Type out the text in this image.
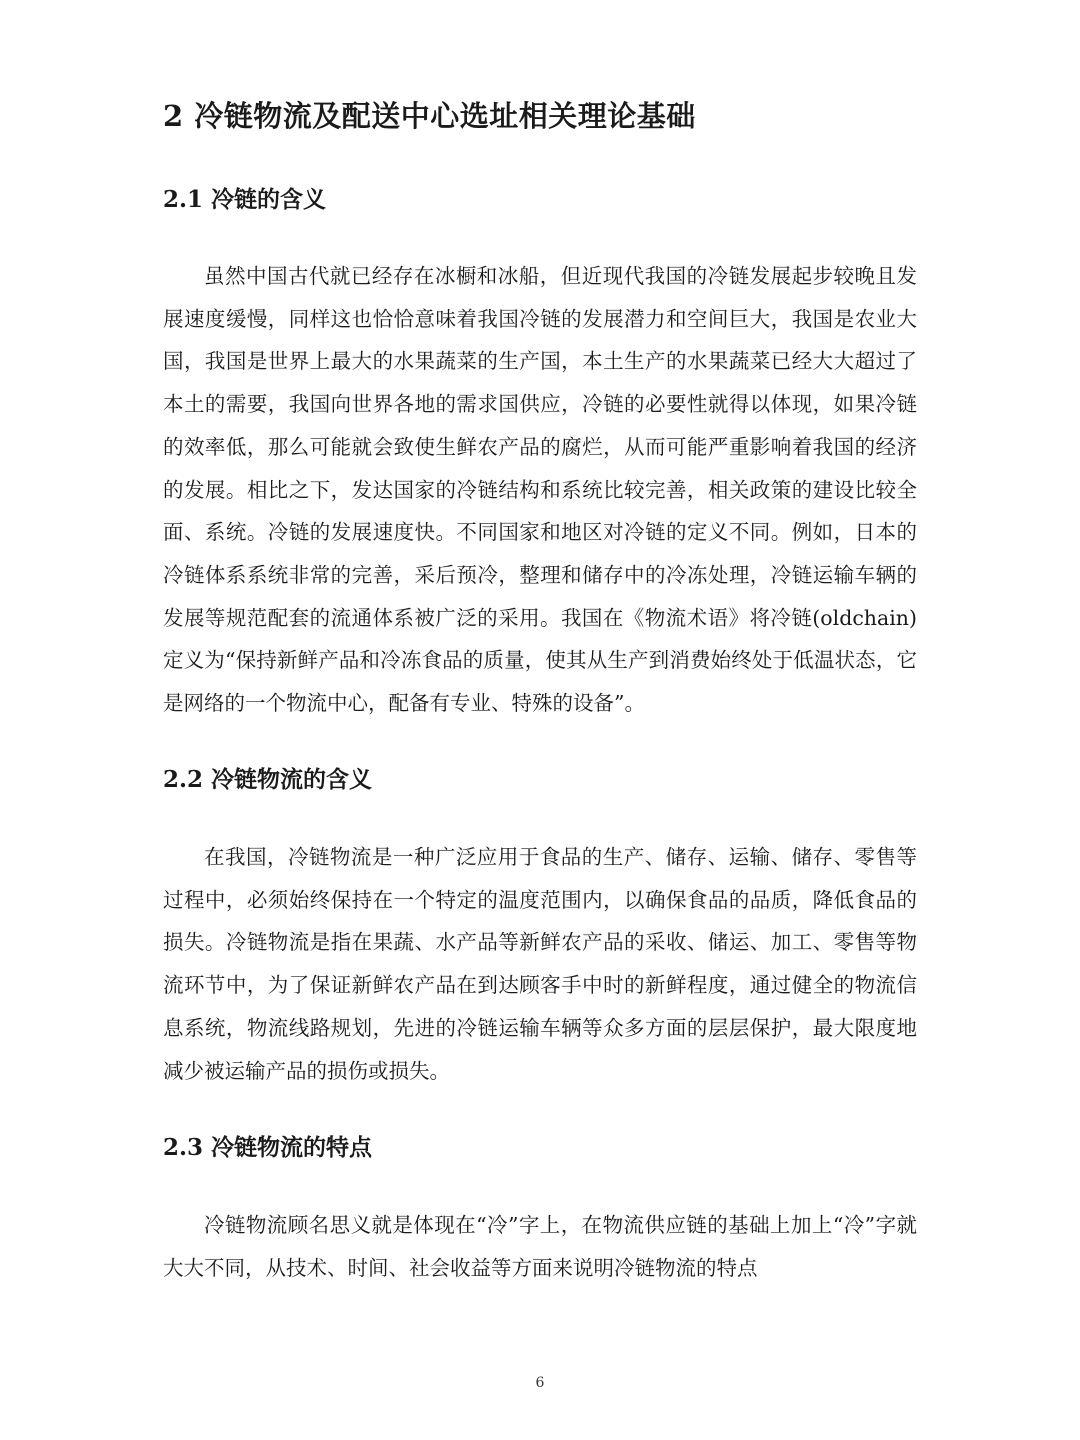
2 冷链物流及配送中心选址相关理论基础
2.1 冷链的含义

虽然中国古代就已经存在冰橱和冰船，但近现代我国的冷链发展起步较晚且发展速度缓慢，同样这也恰恰意味着我国冷链的发展潜力和空间巨大，我国是农业大国，我国是世界上最大的水果蔬菜的生产国，本土生产的水果蔬菜已经大大超过了本土的需要，我国向世界各地的需求国供应，冷链的必要性就得以体现，如果冷链的效率低，那么可能就会致使生鲜农产品的腐烂，从而可能严重影响着我国的经济的发展。相比之下，发达国家的冷链结构和系统比较完善，相关政策的建设比较全面、系统。冷链的发展速度快。不同国家和地区对冷链的定义不同。例如，日本的冷链体系系统非常的完善，采后预冷，整理和储存中的冷冻处理，冷链运输车辆的发展等规范配套的流通体系被广泛的采用。我国在《物流术语》将冷链(oldchain)定义为“保持新鲜产品和冷冻食品的质量，使其从生产到消费始终处于低温状态，它是网络的一个物流中心，配备有专业、特殊的设备”。

2.2 冷链物流的含义

在我国，冷链物流是一种广泛应用于食品的生产、储存、运输、储存、零售等过程中，必须始终保持在一个特定的温度范围内，以确保食品的品质，降低食品的损失。冷链物流是指在果蔬、水产品等新鲜农产品的采收、储运、加工、零售等物流环节中，为了保证新鲜农产品在到达顾客手中时的新鲜程度，通过健全的物流信息系统，物流线路规划，先进的冷链运输车辆等众多方面的层层保护，最大限度地减少被运输产品的损伤或损失。

2.3 冷链物流的特点

冷链物流顾名思义就是体现在“冷”字上，在物流供应链的基础上加上“冷”字就大大不同，从技术、时间、社会收益等方面来说明冷链物流的特点

6
